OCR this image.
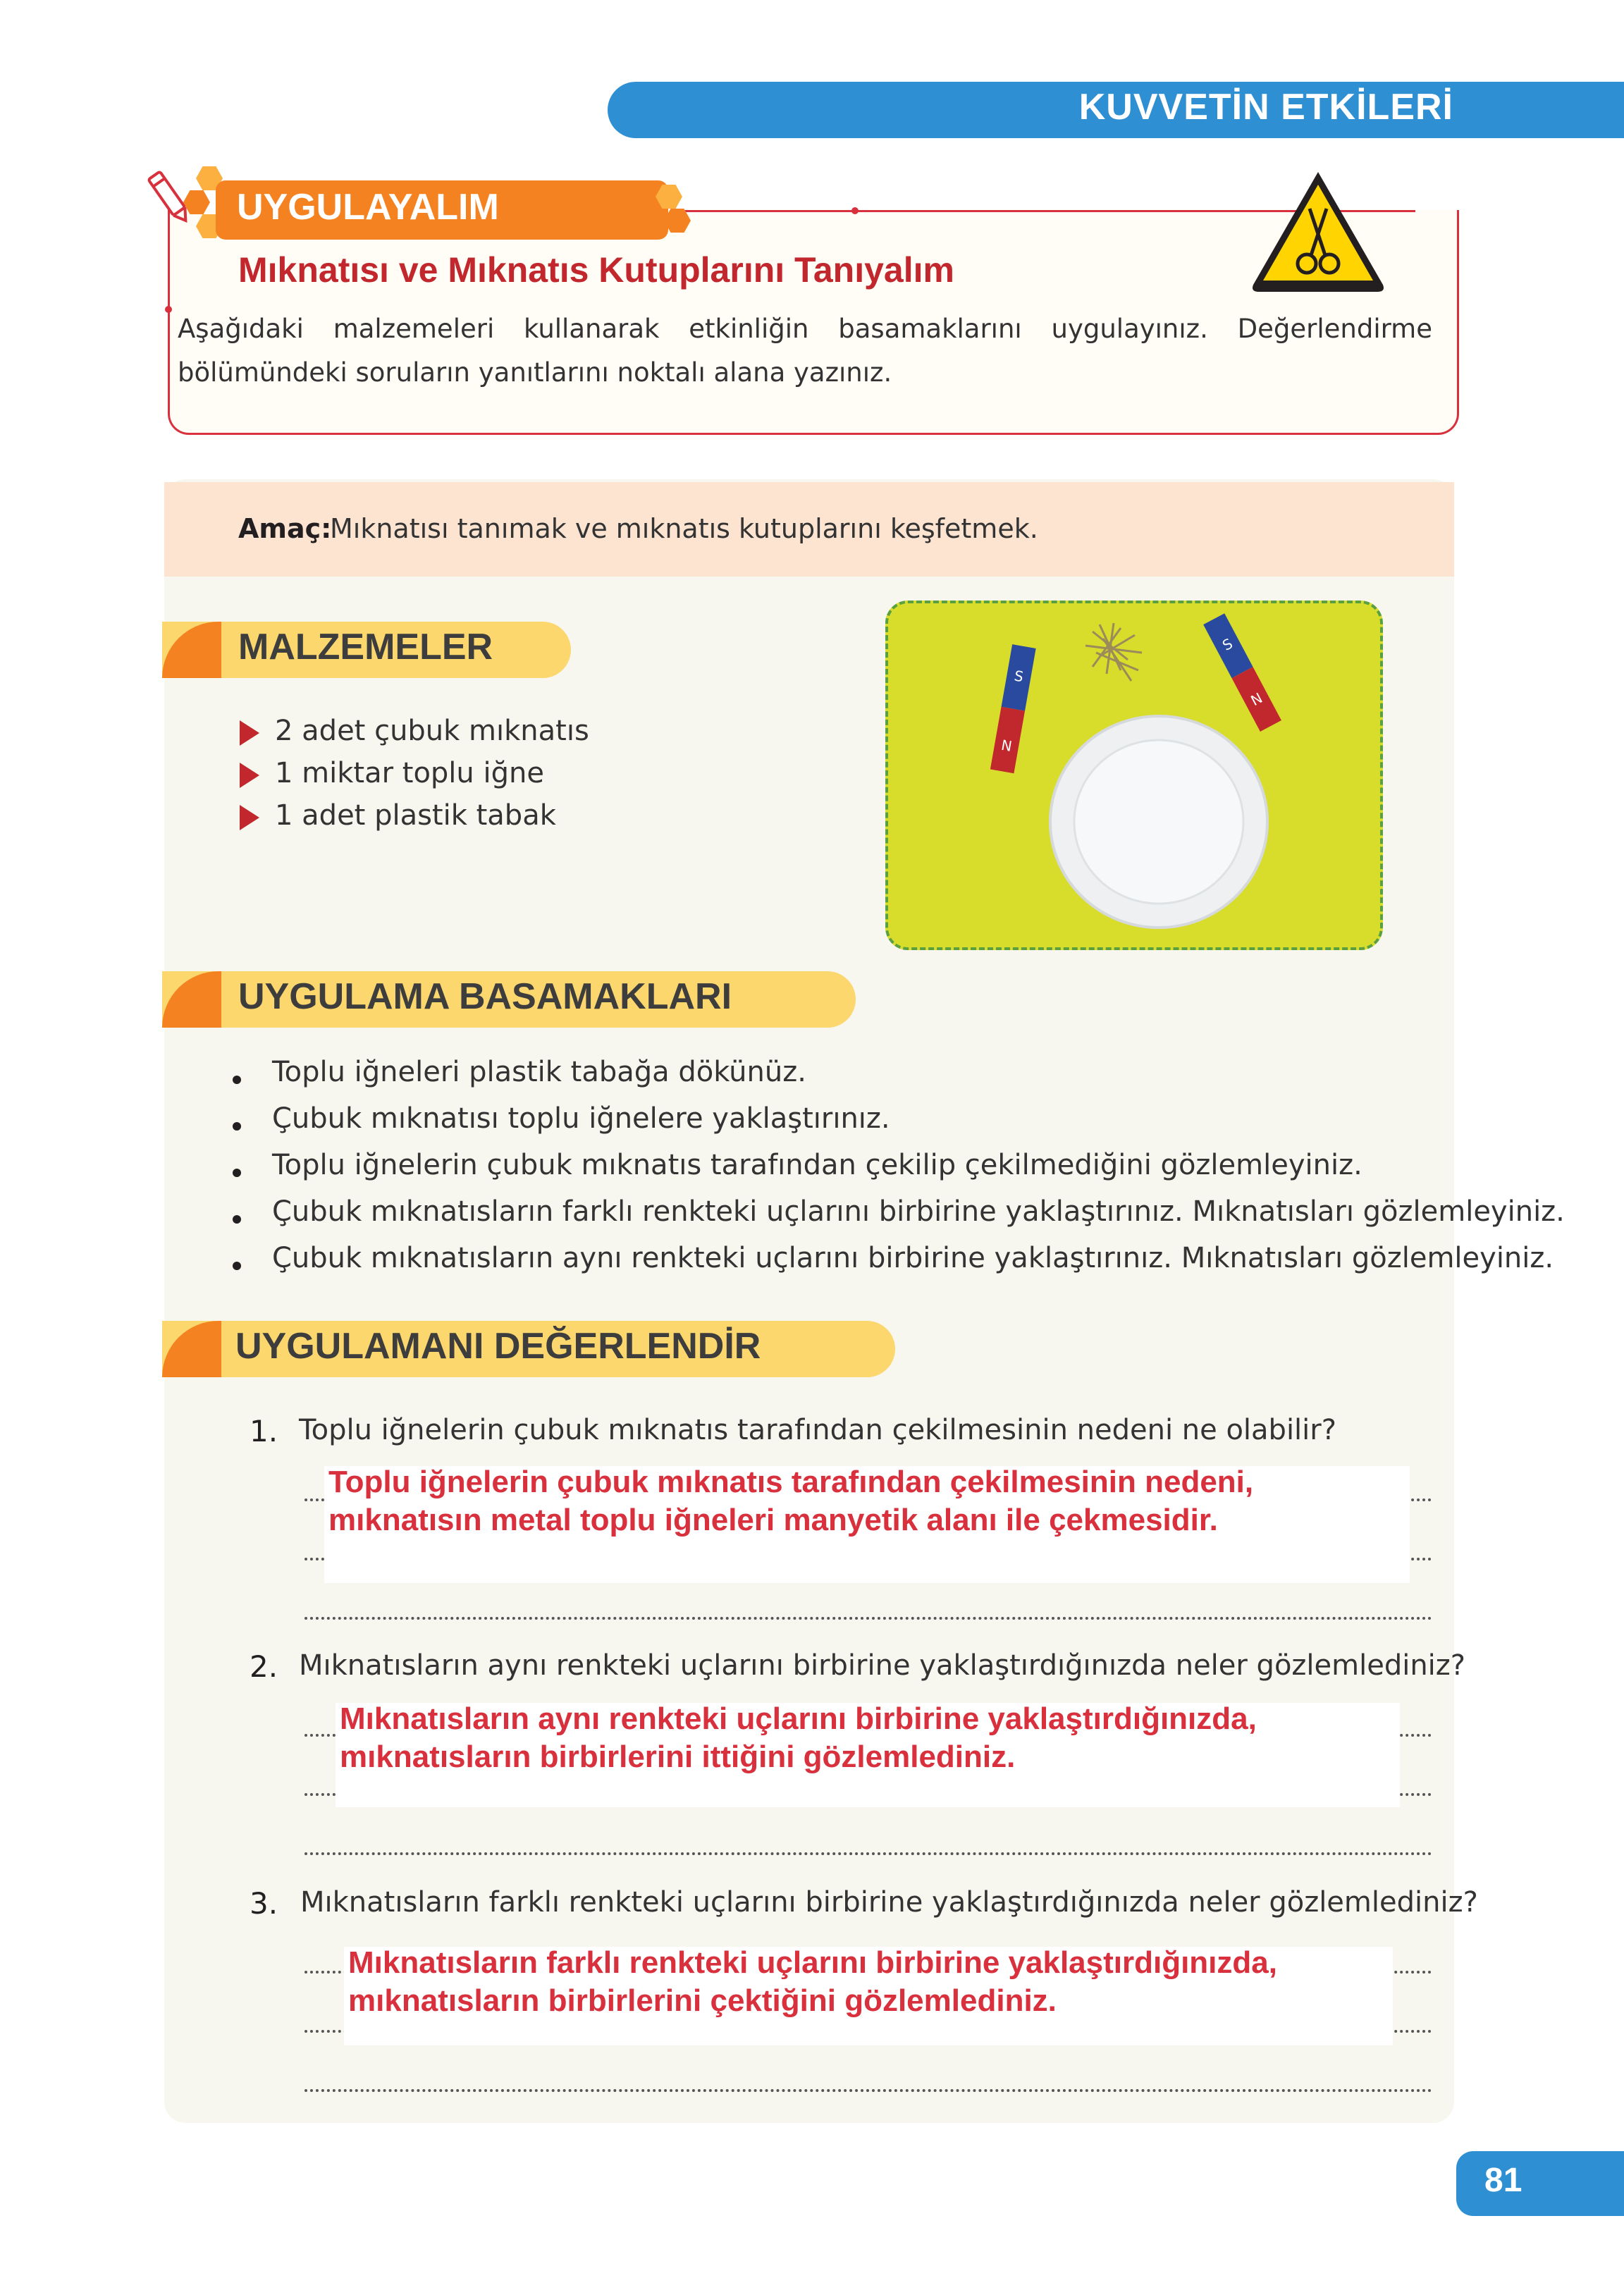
KUVVETİN ETKİLERİ
UYGULAYALIM
Mıknatısı ve Mıknatıs Kutuplarını Tanıyalım
Aşağıdaki malzemeleri kullanarak etkinliğin basamaklarını uygulayınız. Değerlendirme bölümündeki soruların yanıtlarını noktalı alana yazınız.
Amaç:
Mıknatısı tanımak ve mıknatıs kutuplarını keşfetmek.
MALZEMELER
2 adet çubuk mıknatıs
1 miktar toplu iğne
1 adet plastik tabak
S
N
S
N
UYGULAMA BASAMAKLARI
Toplu iğneleri plastik tabağa dökünüz.
Çubuk mıknatısı toplu iğnelere yaklaştırınız.
Toplu iğnelerin çubuk mıknatıs tarafından çekilip çekilmediğini gözlemleyiniz.
Çubuk mıknatısların farklı renkteki uçlarını birbirine yaklaştırınız. Mıknatısları gözlemleyiniz.
Çubuk mıknatısların aynı renkteki uçlarını birbirine yaklaştırınız. Mıknatısları gözlemleyiniz.
UYGULAMANI DEĞERLENDİR
1. Toplu iğnelerin çubuk mıknatıs tarafından çekilmesinin nedeni ne olabilir?
Toplu iğnelerin çubuk mıknatıs tarafından çekilmesinin nedeni,
mıknatısın metal toplu iğneleri manyetik alanı ile çekmesidir.
2. Mıknatısların aynı renkteki uçlarını birbirine yaklaştırdığınızda neler gözlemlediniz?
Mıknatısların aynı renkteki uçlarını birbirine yaklaştırdığınızda,
mıknatısların birbirlerini ittiğini gözlemlediniz.
3. Mıknatısların farklı renkteki uçlarını birbirine yaklaştırdığınızda neler gözlemlediniz?
Mıknatısların farklı renkteki uçlarını birbirine yaklaştırdığınızda,
mıknatısların birbirlerini çektiğini gözlemlediniz.
81
